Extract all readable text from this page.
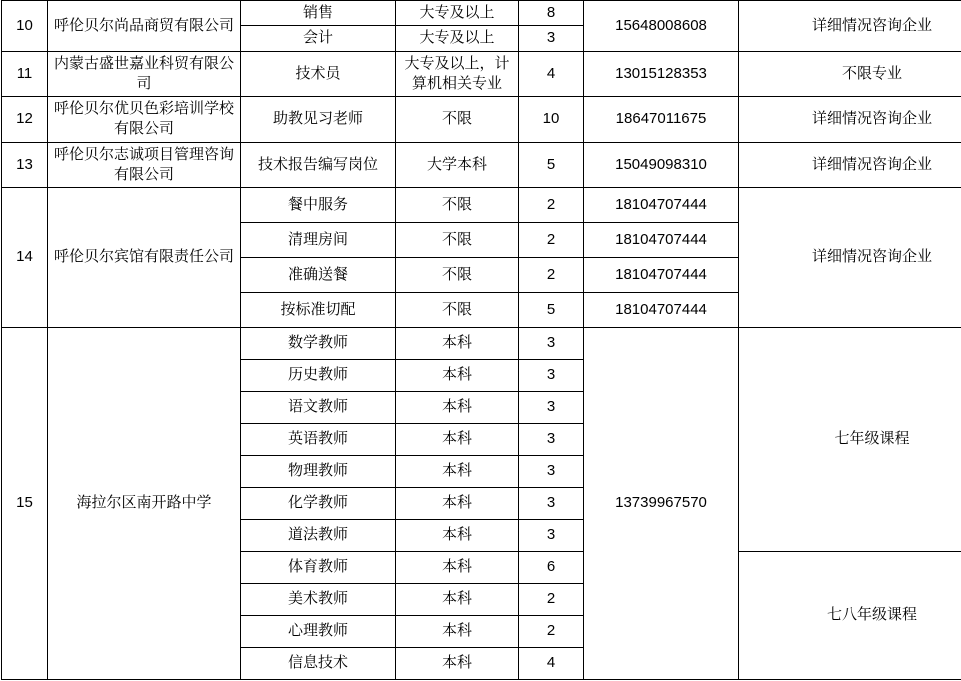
10	呼伦贝尔尚品商贸有限公司	销售	大专及以上	8	15648008608	详细情况咨询企业
		会计	大专及以上	3		
11	内蒙古盛世嘉业科贸有限公司	技术员	大专及以上，计算机相关专业	4	13015128353	不限专业
12	呼伦贝尔优贝色彩培训学校有限公司	助教见习老师	不限	10	18647011675	详细情况咨询企业
13	呼伦贝尔志诚项目管理咨询有限公司	技术报告编写岗位	大学本科	5	15049098310	详细情况咨询企业
14	呼伦贝尔宾馆有限责任公司	餐中服务	不限	2	18104707444	详细情况咨询企业
		清理房间	不限	2	18104707444	
		准确送餐	不限	2	18104707444	
		按标准切配	不限	5	18104707444	
15	海拉尔区南开路中学	数学教师	本科	3	13739967570	七年级课程
		历史教师	本科	3		
		语文教师	本科	3		
		英语教师	本科	3		
		物理教师	本科	3		
		化学教师	本科	3		
		道法教师	本科	3		
		体育教师	本科	6		七八年级课程
		美术教师	本科	2		
		心理教师	本科	2		
		信息技术	本科	4		
